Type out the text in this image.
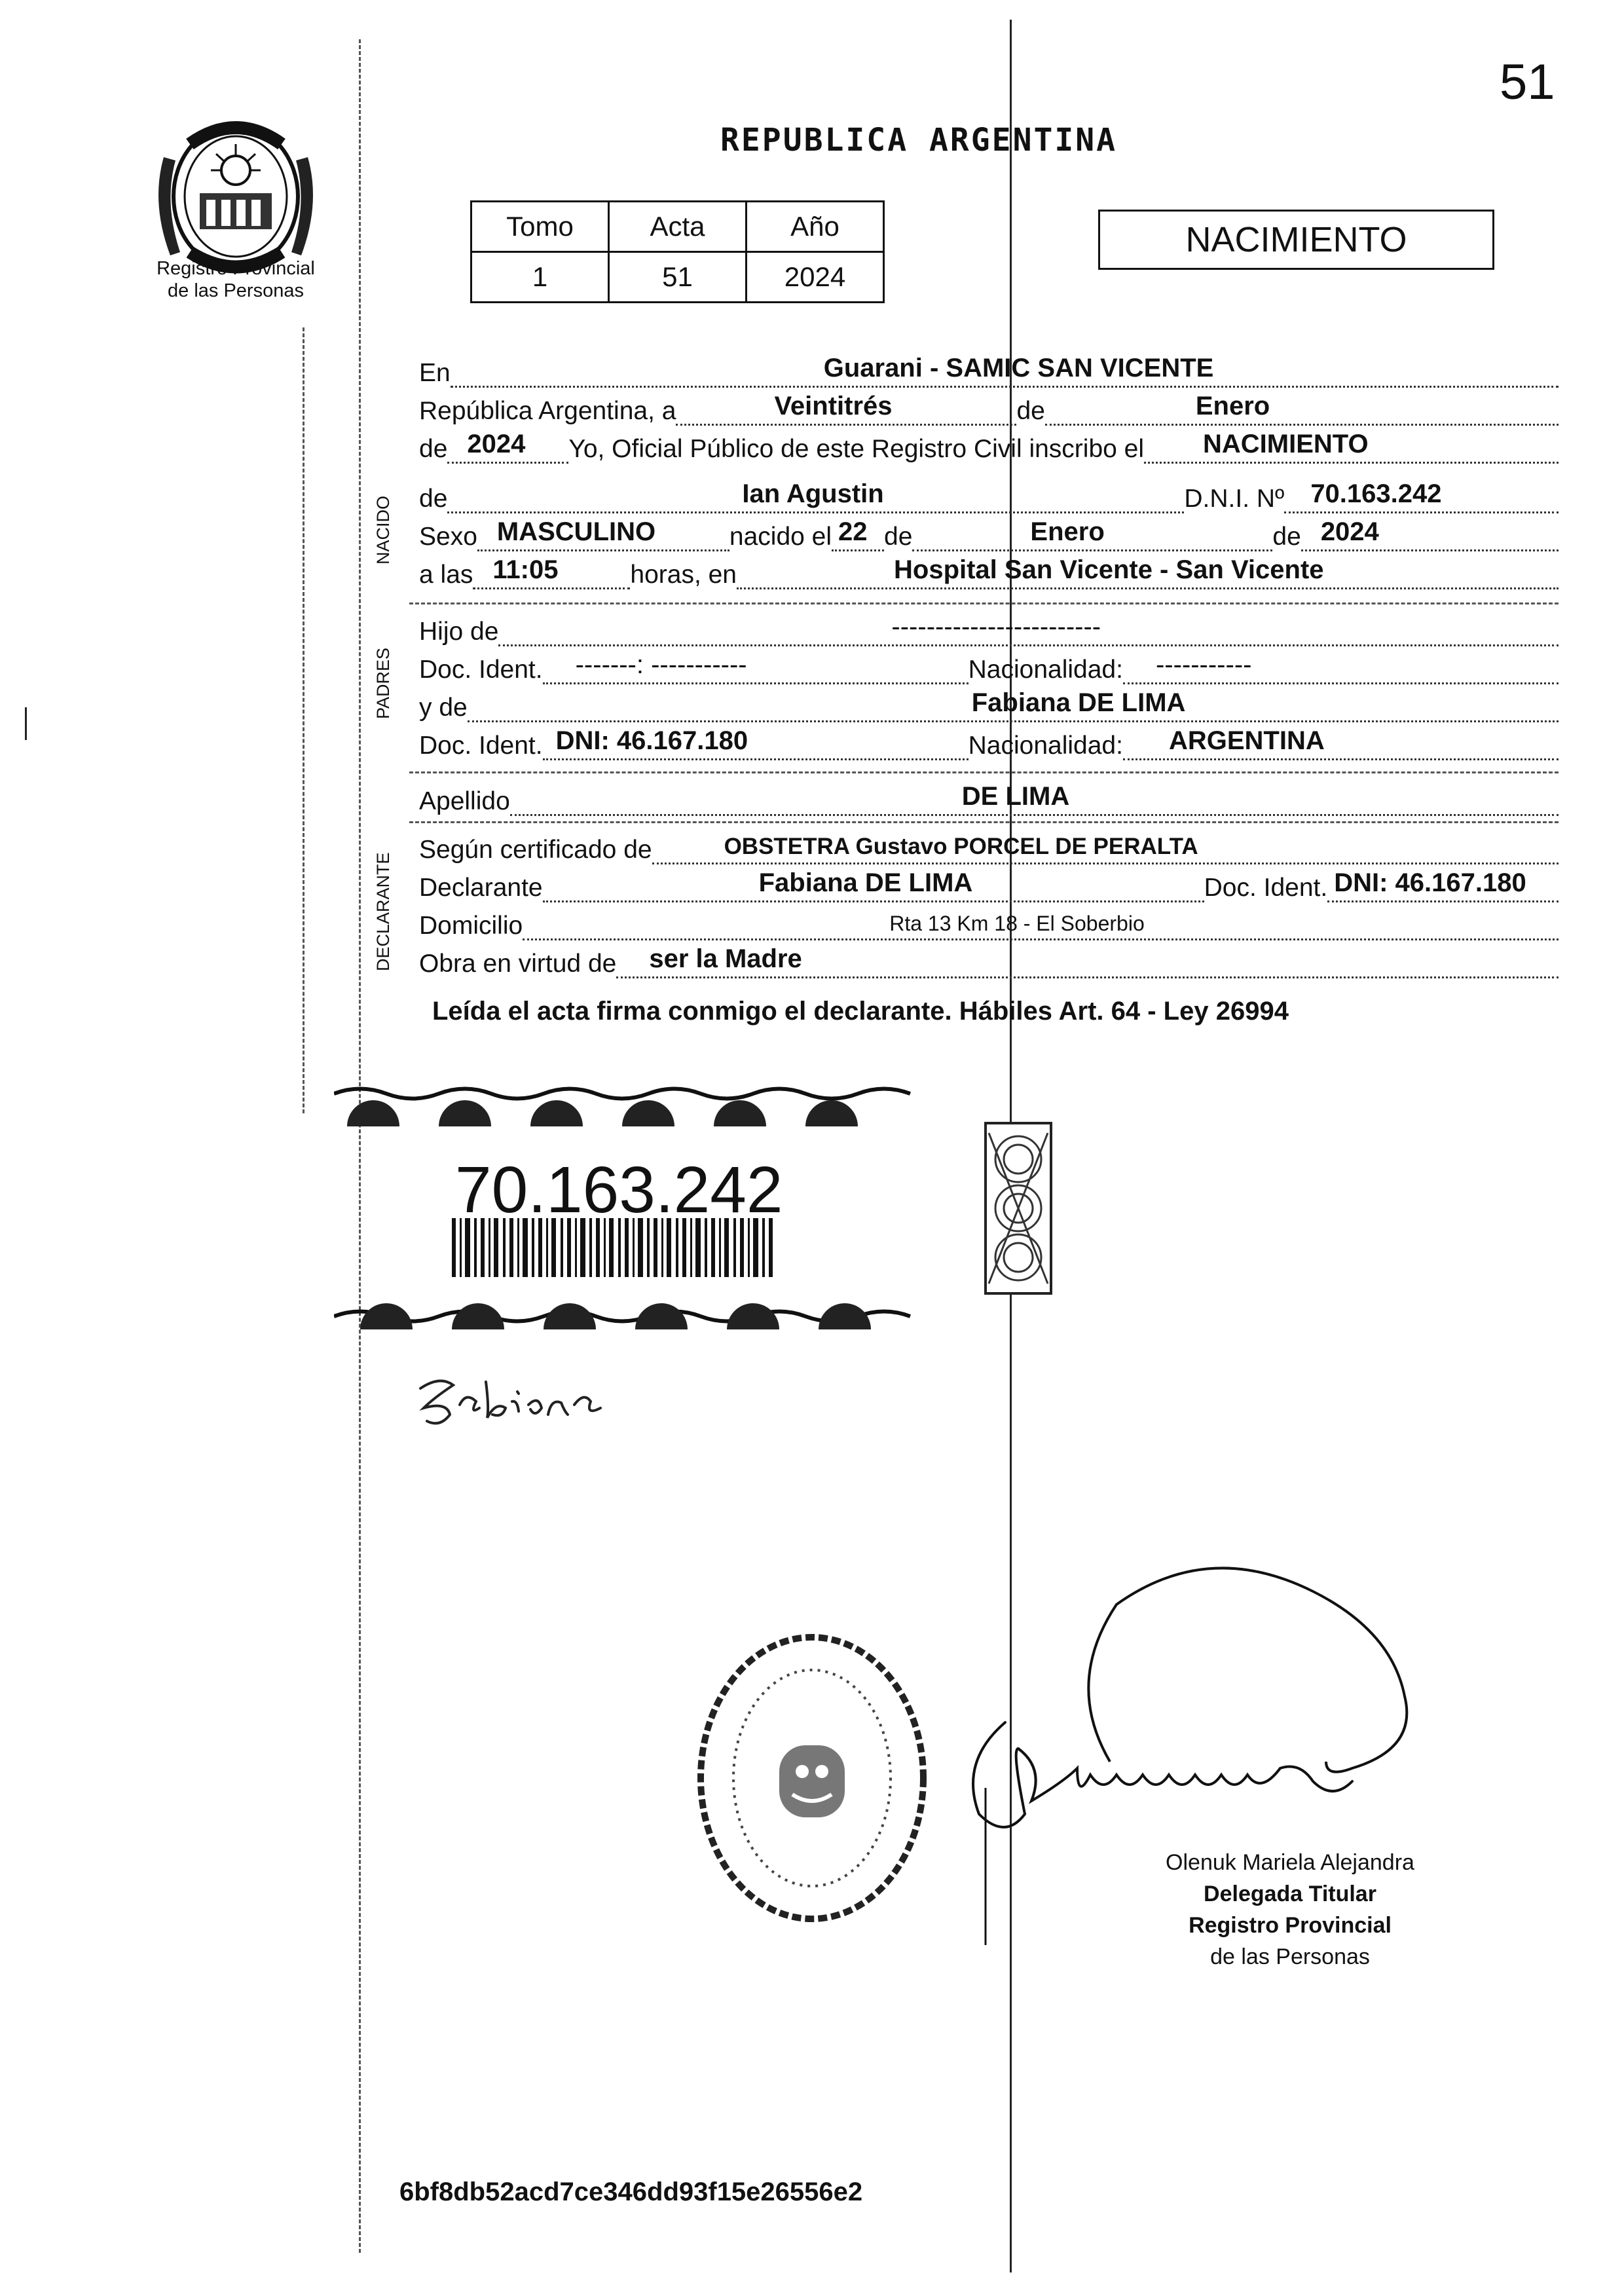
51
Registro Provincial
de las Personas
REPUBLICA ARGENTINA
Tomo	Acta	Año
1	51	2024
NACIMIENTO
En	Guarani - SAMIC SAN VICENTE
República Argentina, a	Veintitrés	de	Enero
de 2024 Yo, Oficial Público de este Registro Civil inscribo el NACIMIENTO
NACIDO de	Ian Agustin	D.N.I. Nº 70.163.242
Sexo MASCULINO	nacido el 22 de	Enero	de 2024
a las 11:05	horas, en	Hospital San Vicente - San Vicente
PADRES
Hijo de	------------------------
Doc. Ident. -------: -----------	Nacionalidad: -----------
y de	Fabiana DE LIMA
Doc. Ident. DNI: 46.167.180	Nacionalidad: ARGENTINA
Apellido	DE LIMA
DECLARANTE
Según certificado de	OBSTETRA Gustavo PORCEL DE PERALTA
Declarante	Fabiana DE LIMA	Doc. Ident. DNI: 46.167.180
Domicilio	Rta 13 Km 18 - El Soberbio
Obra en virtud de ser la Madre
Leída el acta firma conmigo el declarante. Hábiles Art. 64 - Ley 26994
70.163.242
Olenuk Mariela Alejandra
Delegada Titular
Registro Provincial
de las Personas
6bf8db52acd7ce346dd93f15e26556e2
